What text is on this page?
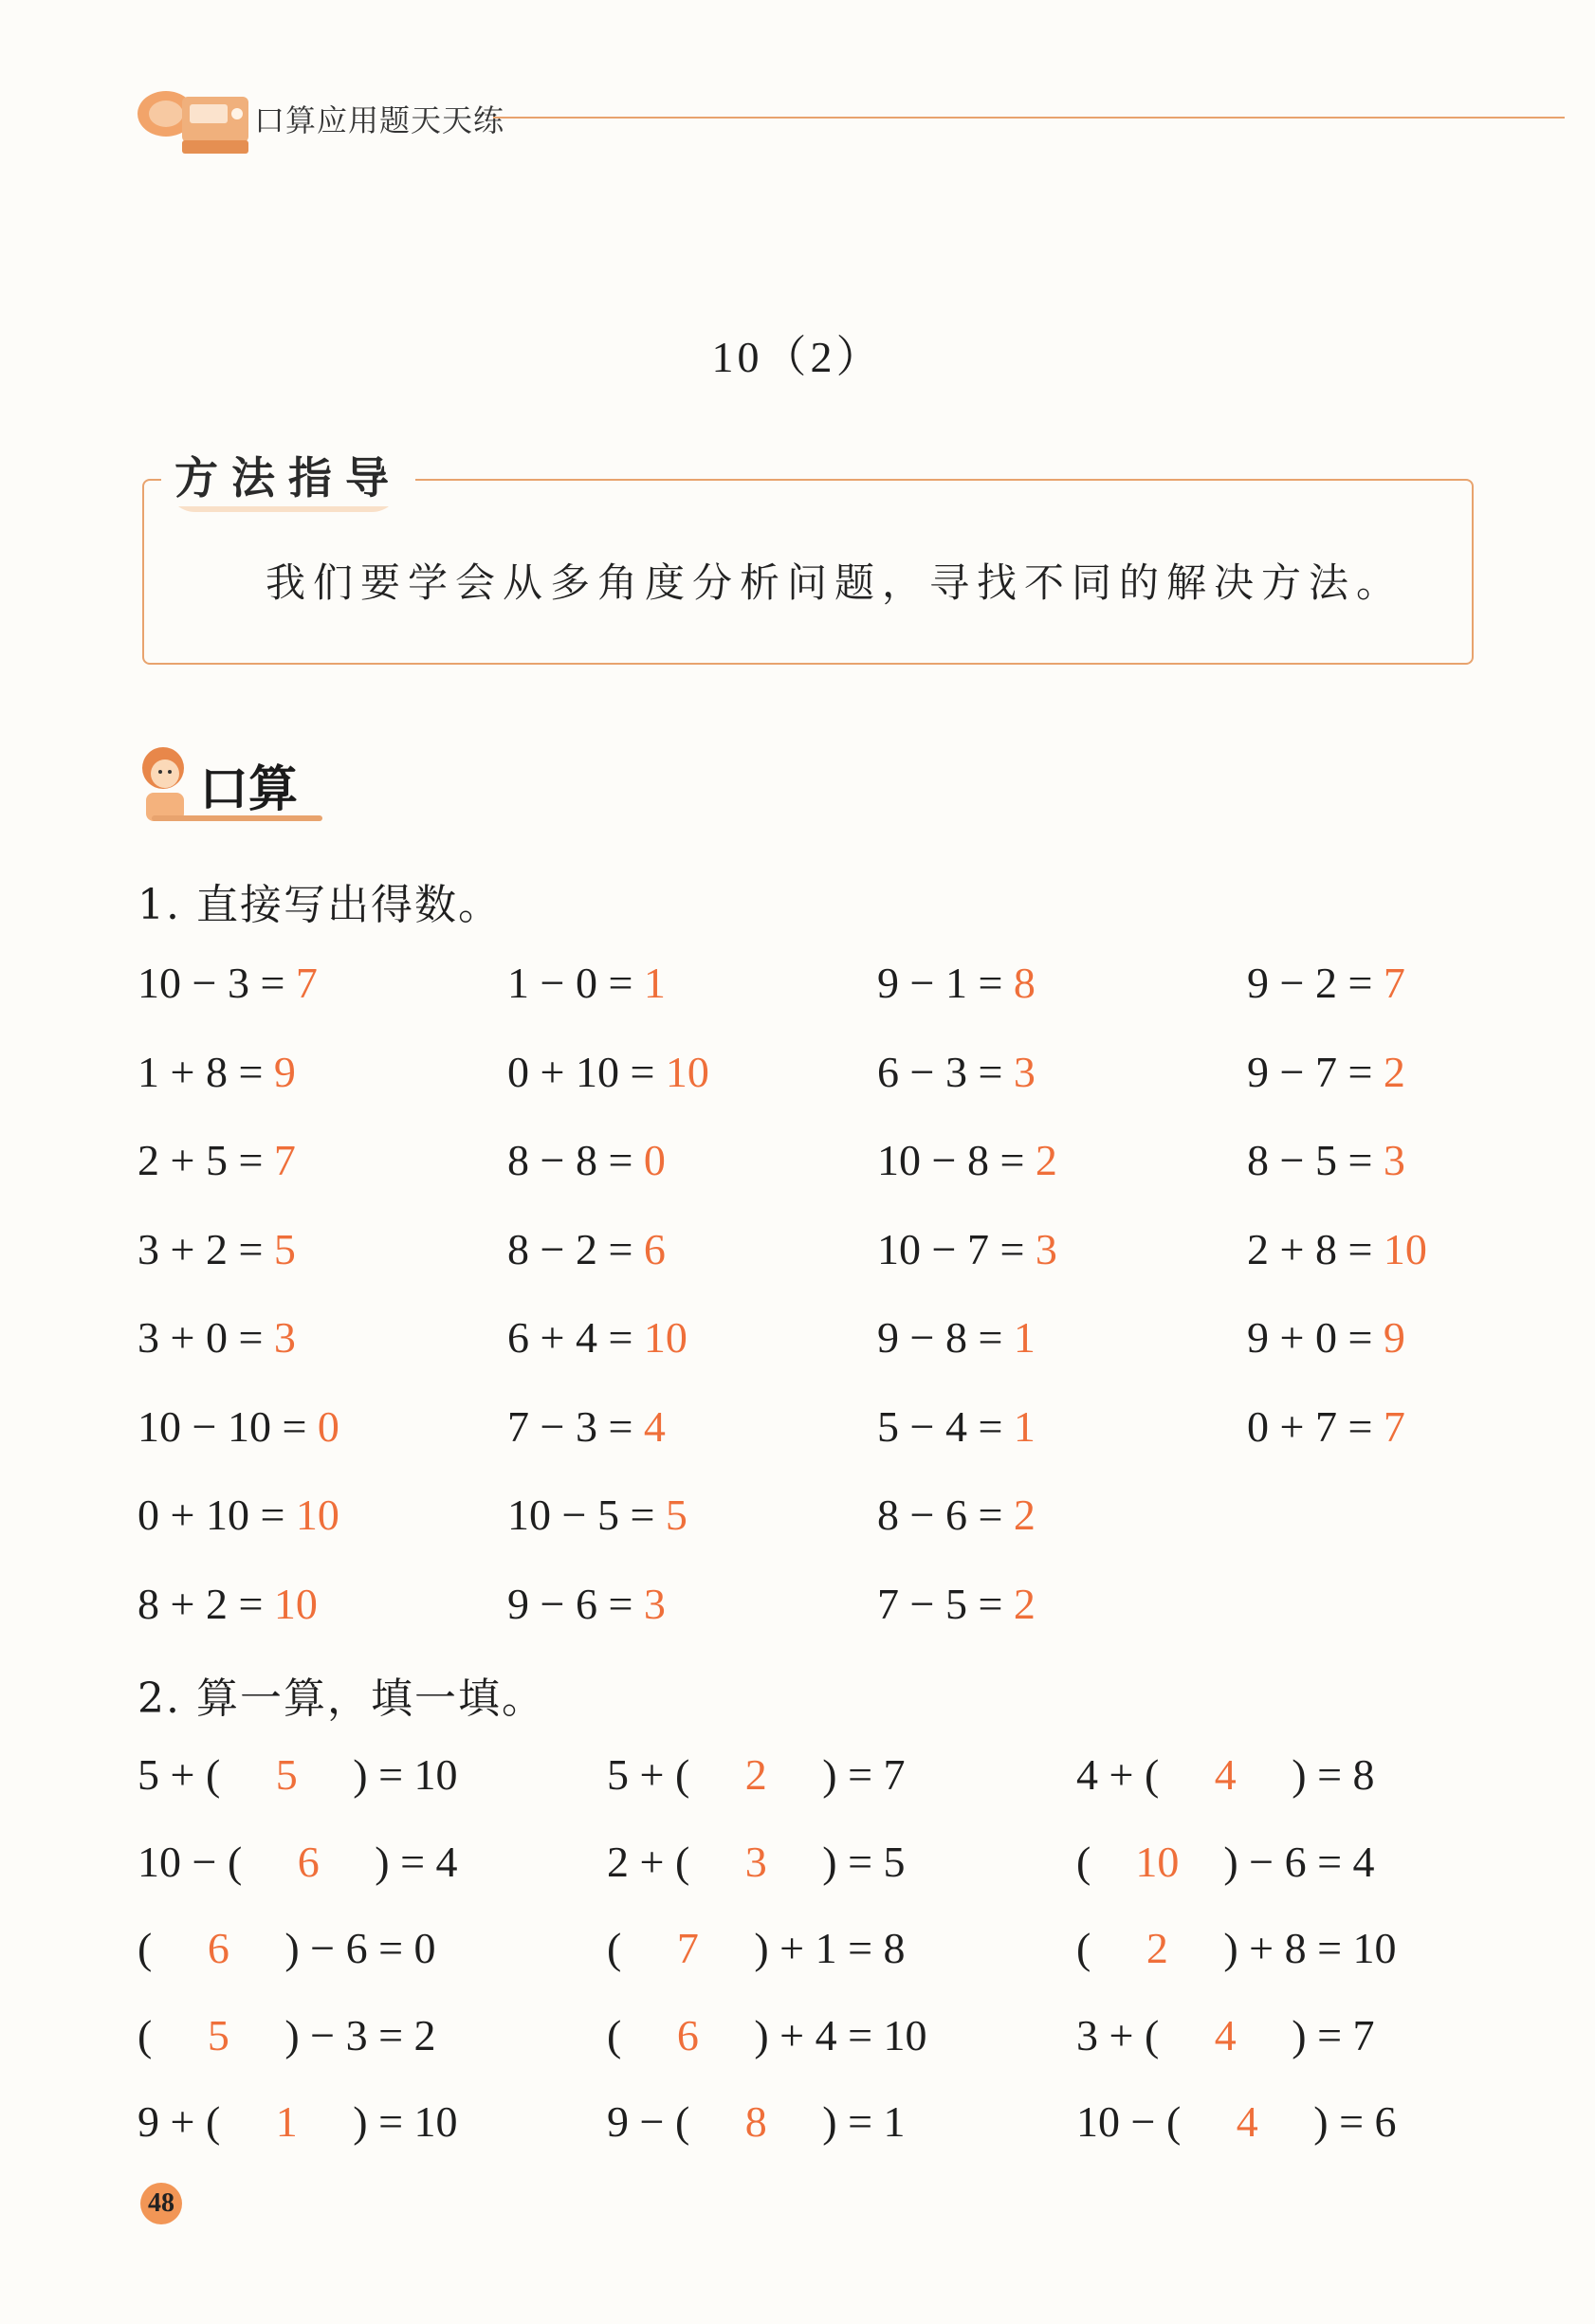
口算应用题天天练
10（2）
方法指导
我们要学会从多角度分析问题，寻找不同的解决方法。
口算
1. 直接写出得数。
10 − 3 = 7
1 + 8 = 9
2 + 5 = 7
3 + 2 = 5
3 + 0 = 3
10 − 10 = 0
0 + 10 = 10
8 + 2 = 10
1 − 0 = 1
0 + 10 = 10
8 − 8 = 0
8 − 2 = 6
6 + 4 = 10
7 − 3 = 4
10 − 5 = 5
9 − 6 = 3
9 − 1 = 8
6 − 3 = 3
10 − 8 = 2
10 − 7 = 3
9 − 8 = 1
5 − 4 = 1
8 − 6 = 2
7 − 5 = 2
9 − 2 = 7
9 − 7 = 2
8 − 5 = 3
2 + 8 = 10
9 + 0 = 9
0 + 7 = 7
2. 算一算，填一填。
5 + ( 5 ) = 10
10 − ( 6 ) = 4
( 6 ) − 6 = 0
( 5 ) − 3 = 2
9 + ( 1 ) = 10
5 + ( 2 ) = 7
2 + ( 3 ) = 5
( 7 ) + 1 = 8
( 6 ) + 4 = 10
9 − ( 8 ) = 1
4 + ( 4 ) = 8
( 10 ) − 6 = 4
( 2 ) + 8 = 10
3 + ( 4 ) = 7
10 − ( 4 ) = 6
48
